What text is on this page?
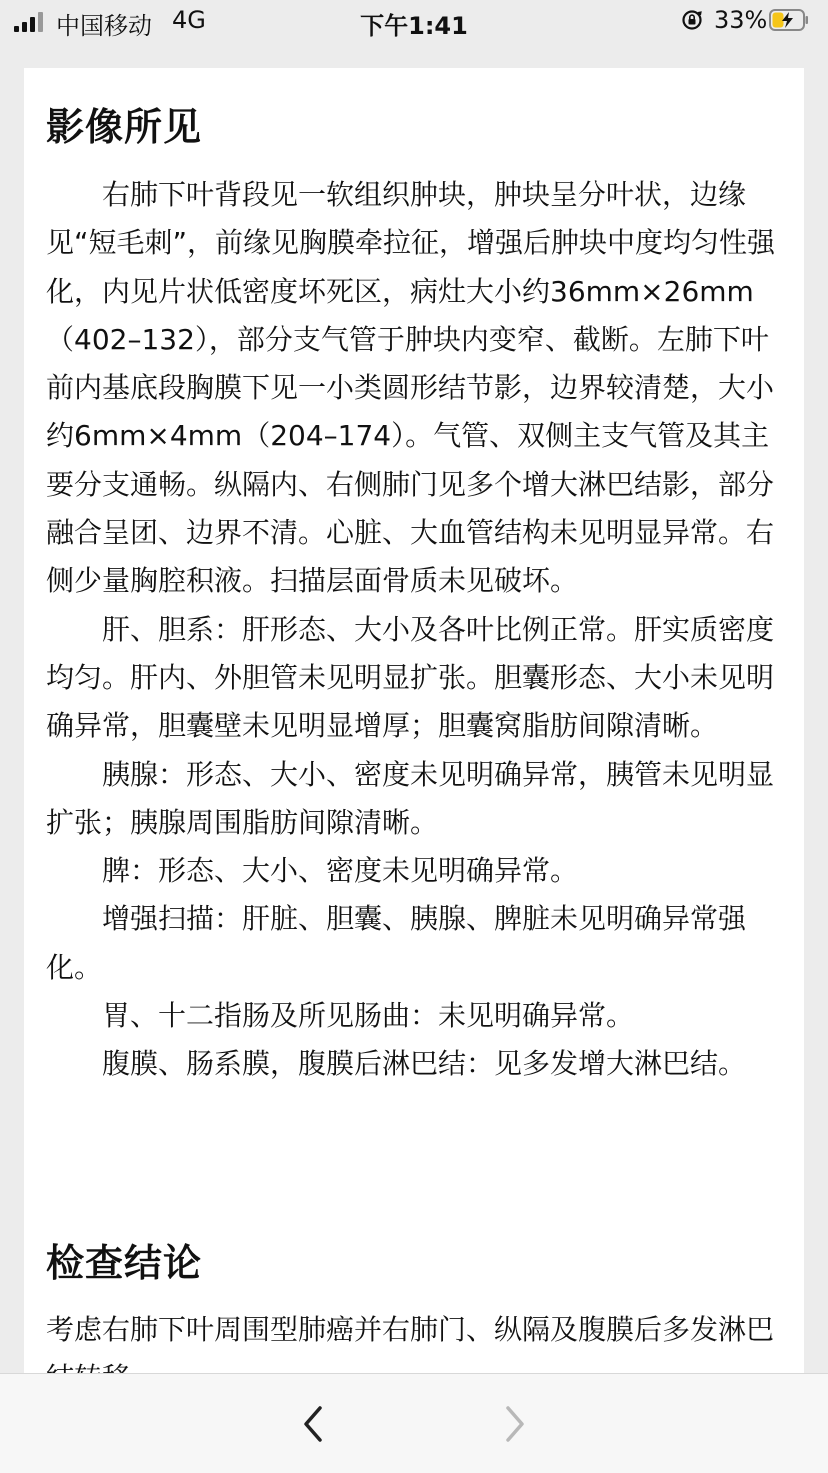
中国移动 4G	下午1:41	33%
影像所见

右肺下叶背段见一软组织肿块，肿块呈分叶状，边缘见“短毛刺”，前缘见胸膜牵拉征，增强后肿块中度均匀性强化，内见片状低密度坏死区，病灶大小约36mm×26mm（402–132），部分支气管于肿块内变窄、截断。左肺下叶前内基底段胸膜下见一小类圆形结节影，边界较清楚，大小约6mm×4mm（204–174）。气管、双侧主支气管及其主要分支通畅。纵隔内、右侧肺门见多个增大淋巴结影，部分融合呈团、边界不清。心脏、大血管结构未见明显异常。右侧少量胸腔积液。扫描层面骨质未见破坏。

肝、胆系：肝形态、大小及各叶比例正常。肝实质密度均匀。肝内、外胆管未见明显扩张。胆囊形态、大小未见明确异常，胆囊壁未见明显增厚；胆囊窝脂肪间隙清晰。

胰腺：形态、大小、密度未见明确异常，胰管未见明显扩张；胰腺周围脂肪间隙清晰。

脾：形态、大小、密度未见明确异常。

增强扫描：肝脏、胆囊、胰腺、脾脏未见明确异常强化。

胃、十二指肠及所见肠曲：未见明确异常。

腹膜、肠系膜，腹膜后淋巴结：见多发增大淋巴结。

检查结论

考虑右肺下叶周围型肺癌并右肺门、纵隔及腹膜后多发淋巴
